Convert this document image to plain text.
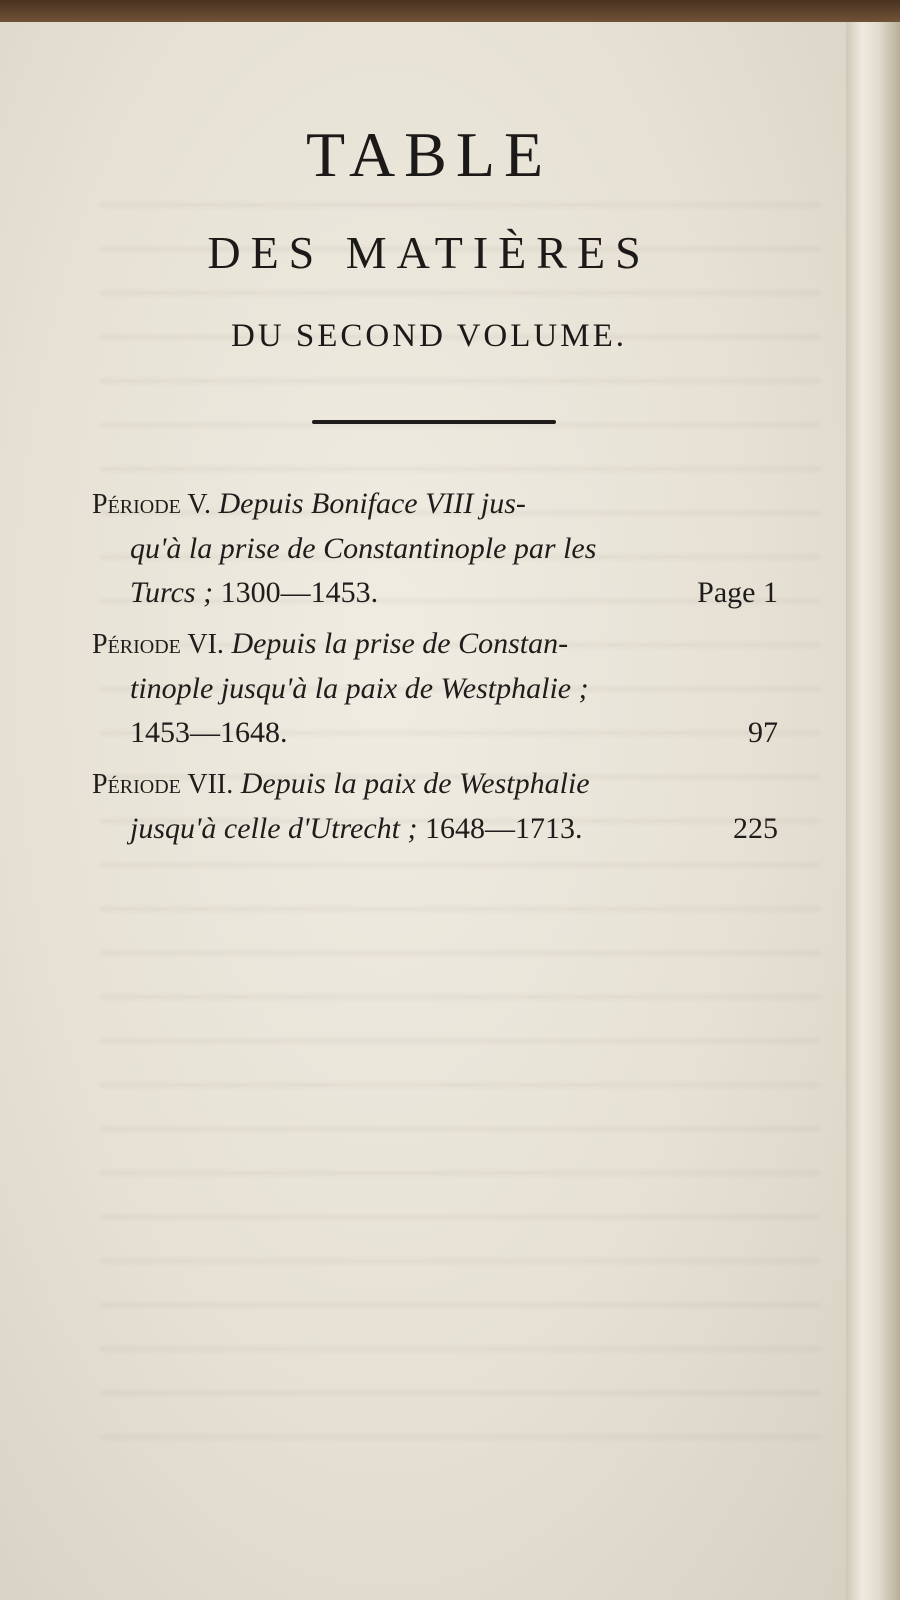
TABLE
DES MATIÈRES
DU SECOND VOLUME.
Période V. Depuis Boniface VIII jus-
qu'à la prise de Constantinople par les
Turcs ; 1300—1453.	Page 1
Période VI. Depuis la prise de Constan-
tinople jusqu'à la paix de Westphalie ;
1453—1648.	97
Période VII. Depuis la paix de Westphalie
jusqu'à celle d'Utrecht ; 1648—1713.	225
